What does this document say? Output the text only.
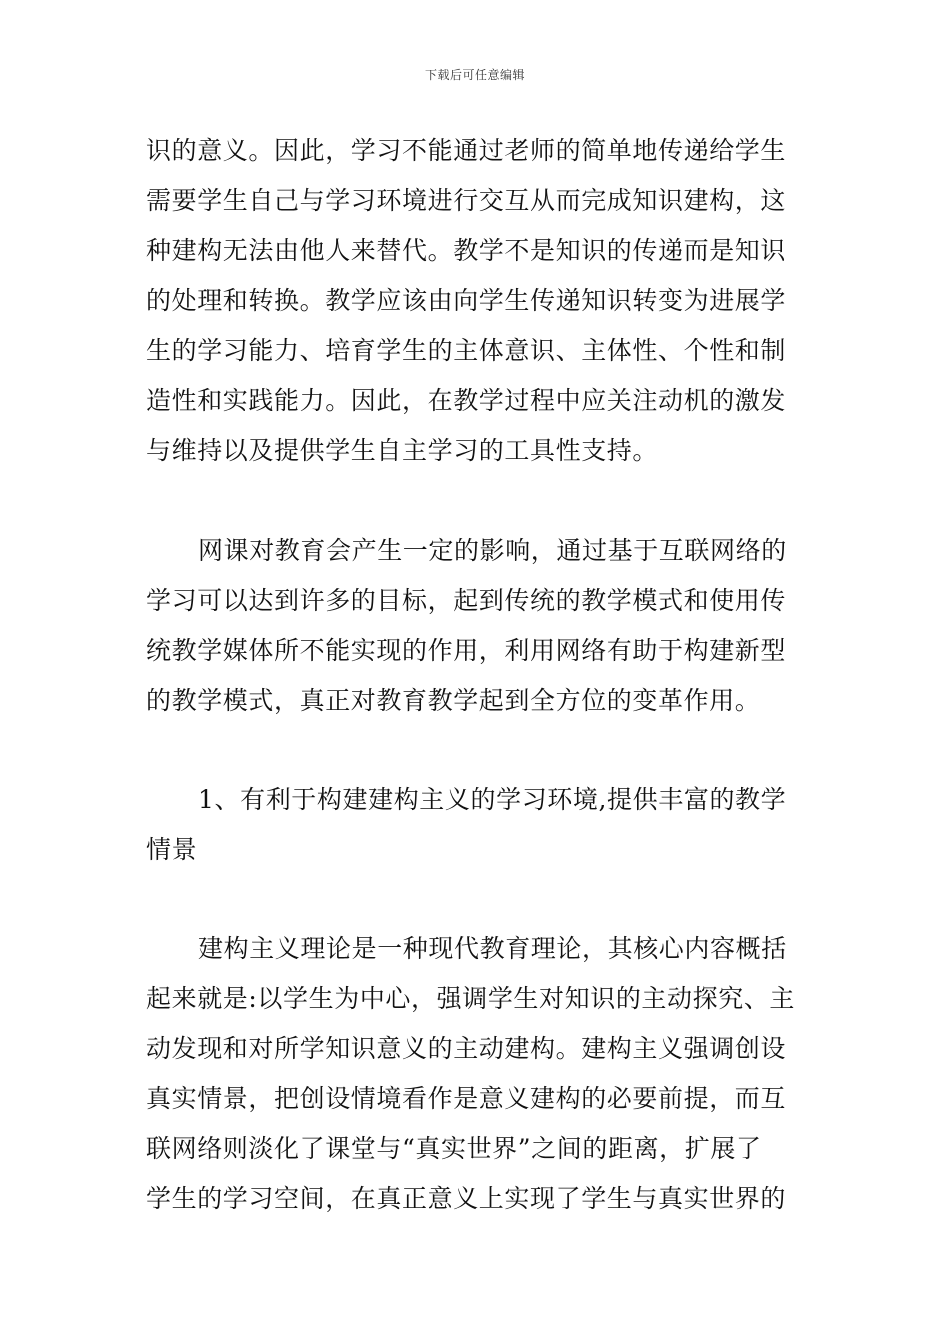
下载后可任意编辑
识的意义。因此，学习不能通过老师的简单地传递给学生
需要学生自己与学习环境进行交互从而完成知识建构，这
种建构无法由他人来替代。教学不是知识的传递而是知识
的处理和转换。教学应该由向学生传递知识转变为进展学
生的学习能力、培育学生的主体意识、主体性、个性和制
造性和实践能力。因此，在教学过程中应关注动机的激发
与维持以及提供学生自主学习的工具性支持。
网课对教育会产生一定的影响，通过基于互联网络的
学习可以达到许多的目标，起到传统的教学模式和使用传
统教学媒体所不能实现的作用，利用网络有助于构建新型
的教学模式，真正对教育教学起到全方位的变革作用。
1、有利于构建建构主义的学习环境,提供丰富的教学
情景
建构主义理论是一种现代教育理论，其核心内容概括
起来就是:以学生为中心，强调学生对知识的主动探究、主
动发现和对所学知识意义的主动建构。建构主义强调创设
真实情景，把创设情境看作是意义建构的必要前提，而互
联网络则淡化了课堂与“真实世界”之间的距离，扩展了
学生的学习空间，在真正意义上实现了学生与真实世界的
